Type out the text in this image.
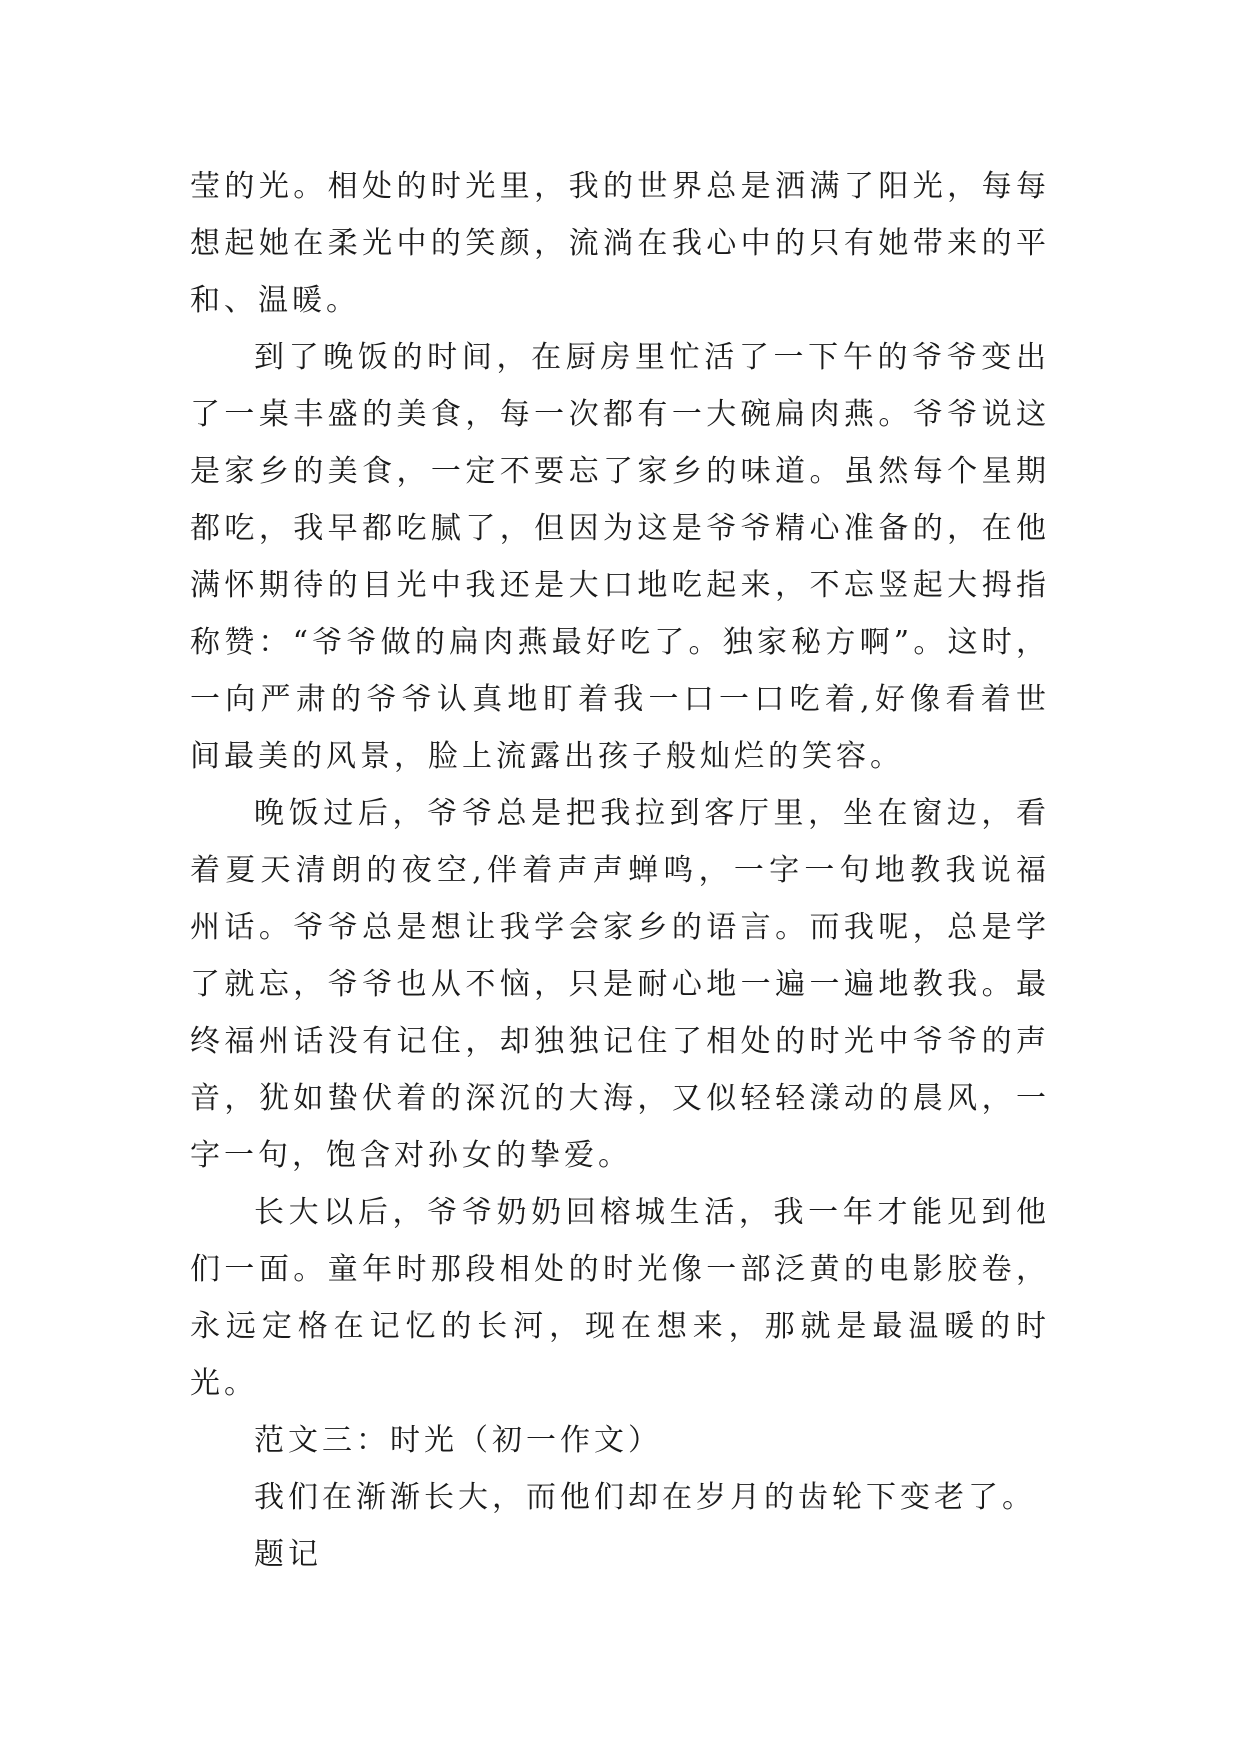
莹的光。相处的时光里，我的世界总是洒满了阳光，每每想起她在柔光中的笑颜，流淌在我心中的只有她带来的平和、温暖。

到了晚饭的时间，在厨房里忙活了一下午的爷爷变出了一桌丰盛的美食，每一次都有一大碗扁肉燕。爷爷说这是家乡的美食，一定不要忘了家乡的味道。虽然每个星期都吃，我早都吃腻了，但因为这是爷爷精心准备的，在他满怀期待的目光中我还是大口地吃起来，不忘竖起大拇指称赞：“爷爷做的扁肉燕最好吃了。独家秘方啊”。这时，一向严肃的爷爷认真地盯着我一口一口吃着,好像看着世间最美的风景，脸上流露出孩子般灿烂的笑容。

晚饭过后，爷爷总是把我拉到客厅里，坐在窗边，看着夏天清朗的夜空,伴着声声蝉鸣，一字一句地教我说福州话。爷爷总是想让我学会家乡的语言。而我呢，总是学了就忘，爷爷也从不恼，只是耐心地一遍一遍地教我。最终福州话没有记住，却独独记住了相处的时光中爷爷的声音，犹如蛰伏着的深沉的大海，又似轻轻漾动的晨风，一字一句，饱含对孙女的挚爱。

长大以后，爷爷奶奶回榕城生活，我一年才能见到他们一面。童年时那段相处的时光像一部泛黄的电影胶卷，永远定格在记忆的长河，现在想来，那就是最温暖的时光。

范文三：时光（初一作文）

我们在渐渐长大，而他们却在岁月的齿轮下变老了。

题记
